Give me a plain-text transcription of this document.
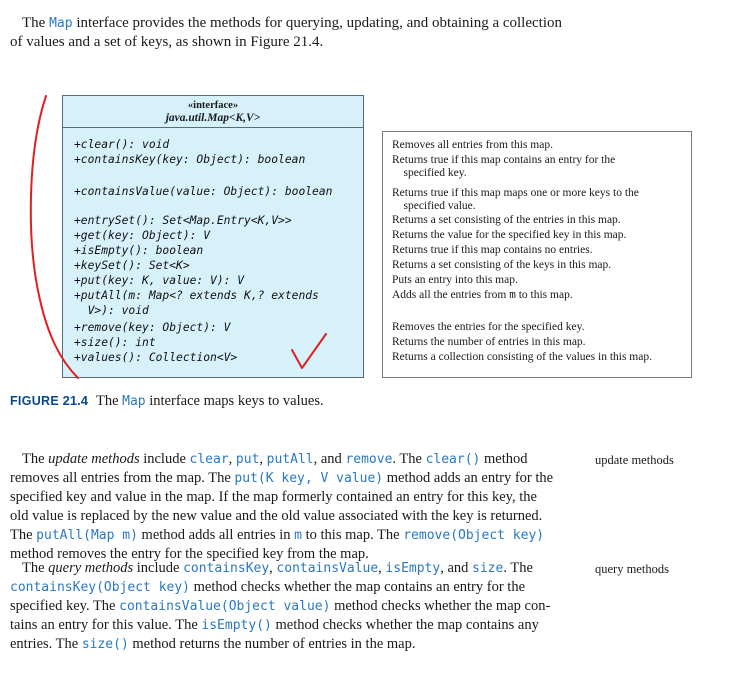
The Map interface provides the methods for querying, updating, and obtaining a collection
of values and a set of keys, as shown in Figure 21.4.
«interface»
java.util.Map<K,V>
+clear(): void
+containsKey(key: Object): boolean
+containsValue(value: Object): boolean
+entrySet(): Set<Map.Entry<K,V>>
+get(key: Object): V
+isEmpty(): boolean
+keySet(): Set<K>
+put(key: K, value: V): V
+putAll(m: Map<? extends K,? extends
V>): void
+remove(key: Object): V
+size(): int
+values(): Collection<V>
Removes all entries from this map.
Returns true if this map contains an entry for the
specified key.
Returns true if this map maps one or more keys to the
specified value.
Returns a set consisting of the entries in this map.
Returns the value for the specified key in this map.
Returns true if this map contains no entries.
Returns a set consisting of the keys in this map.
Puts an entry into this map.
Adds all the entries from m to this map.
Removes the entries for the specified key.
Returns the number of entries in this map.
Returns a collection consisting of the values in this map.
FIGURE 21.4 The Map interface maps keys to values.
The update methods include clear, put, putAll, and remove. The clear() method
removes all entries from the map. The put(K key, V value) method adds an entry for the
specified key and value in the map. If the map formerly contained an entry for this key, the
old value is replaced by the new value and the old value associated with the key is returned.
The putAll(Map m) method adds all entries in m to this map. The remove(Object key)
method removes the entry for the specified key from the map.
update methods
The query methods include containsKey, containsValue, isEmpty, and size. The
containsKey(Object key) method checks whether the map contains an entry for the
specified key. The containsValue(Object value) method checks whether the map con-
tains an entry for this value. The isEmpty() method checks whether the map contains any
entries. The size() method returns the number of entries in the map.
query methods
